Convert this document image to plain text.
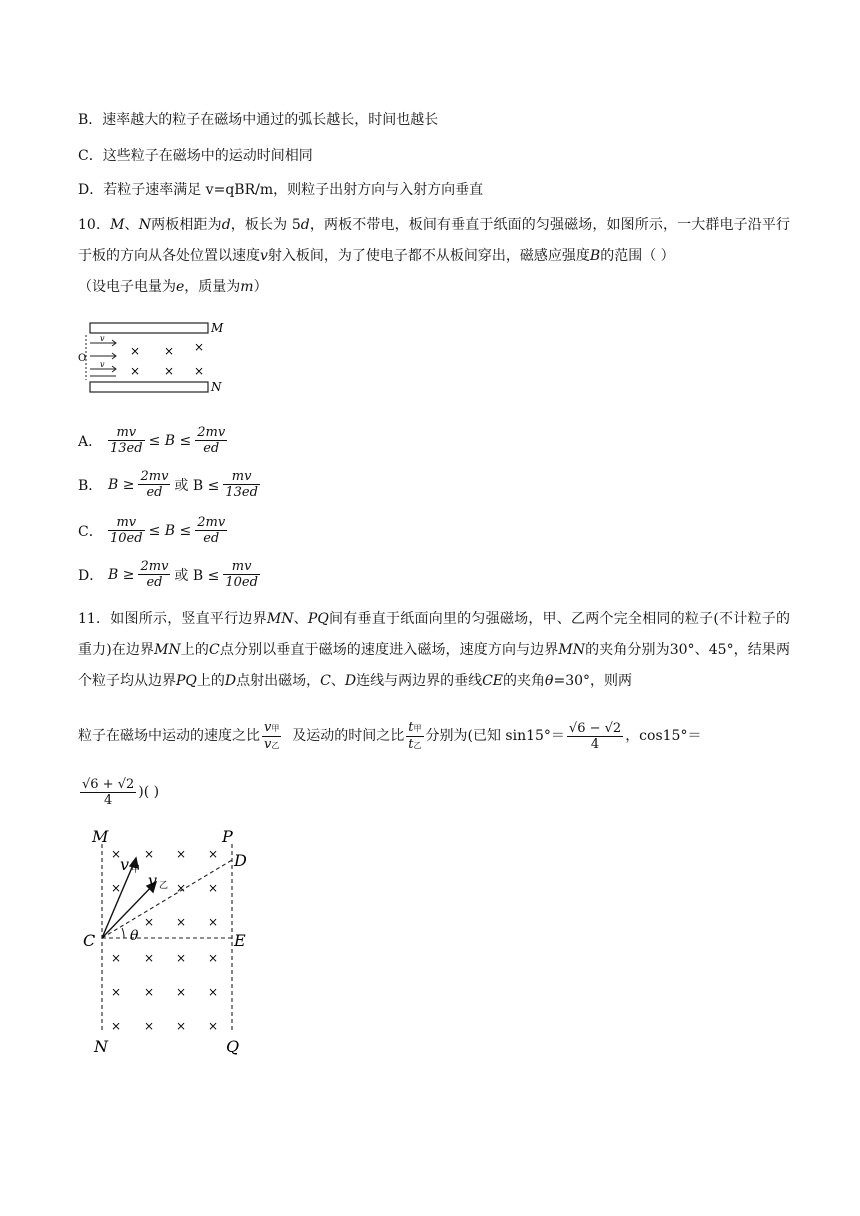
B．速率越大的粒子在磁场中通过的弧长越长，时间也越长
C．这些粒子在磁场中的运动时间相同
D．若粒子速率满足 v=qBR/m，则粒子出射方向与入射方向垂直
10．M、N两板相距为d，板长为 5d，两板不带电，板间有垂直于纸面的匀强磁场，如图所示，一大群电子沿平行于板的方向从各处位置以速度v射入板间，为了使电子都不从板间穿出，磁感应强度B的范围（ ）
（设电子电量为e，质量为m）
M
N
O
v
v
× × ×
× × ×
A． $\frac{mv}{13ed} \le B \le \frac{2mv}{ed}$
B． $B \ge \frac{2mv}{ed}$ 或 $B \le \frac{mv}{13ed}$
C． $\frac{mv}{10ed} \le B \le \frac{2mv}{ed}$
D． $B \ge \frac{2mv}{ed}$ 或 $B \le \frac{mv}{10ed}$
11．如图所示，竖直平行边界MN、PQ间有垂直于纸面向里的匀强磁场，甲、乙两个完全相同的粒子(不计粒子的重力)在边界MN上的C点分别以垂直于磁场的速度进入磁场，速度方向与边界MN的夹角分别为30°、45°，结果两个粒子均从边界PQ上的D点射出磁场，C、D连线与两边界的垂线CE的夹角θ=30°，则两
粒子在磁场中运动的速度之比 $\frac{\text{v甲}}{\text{v乙}}$ 及运动的时间之比 $\frac{\text{t甲}}{\text{t乙}}$ 分别为(已知 $\sin 15^\circ= \frac{√6 - √2}{4}$ ，cos15°＝
$\frac{√6 + √2}{4}$ )( )
M	P
D
C	E
N	Q
v 甲
v 乙
θ
× × × ×
×	× ×
× × ×
× × × ×
× × × ×
× × × ×
